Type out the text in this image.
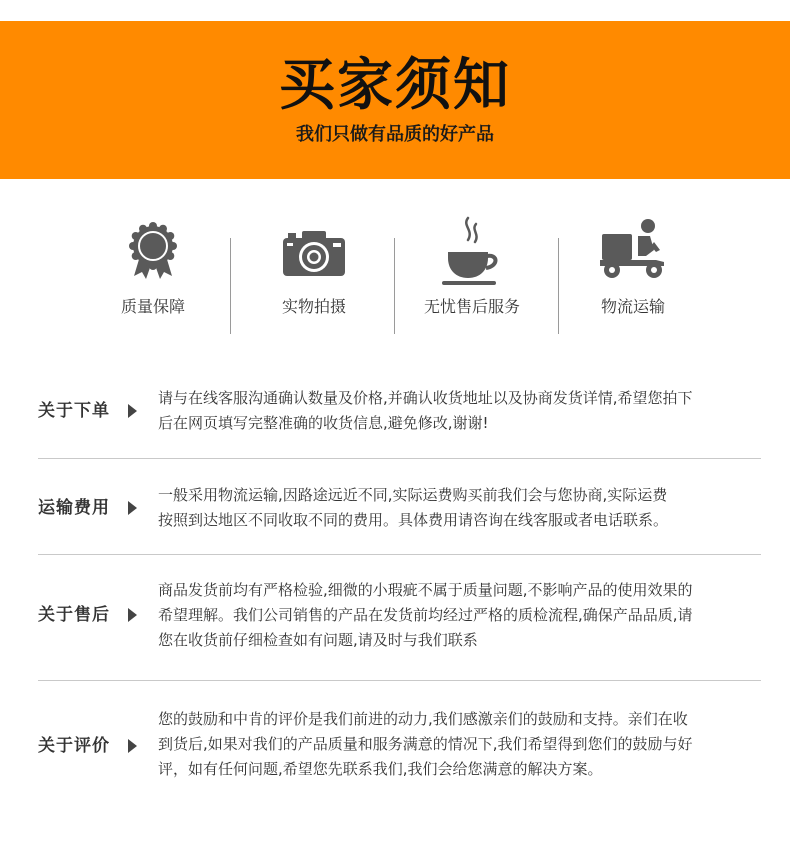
买家须知
我们只做有品质的好产品
质量保障	实物拍摄	无忧售后服务	物流运输
关于下单
请与在线客服沟通确认数量及价格,并确认收货地址以及协商发货详情,希望您拍下
后在网页填写完整准确的收货信息,避免修改,谢谢!
运输费用
一般采用物流运输,因路途远近不同,实际运费购买前我们会与您协商,实际运费
按照到达地区不同收取不同的费用。具体费用请咨询在线客服或者电话联系。
关于售后
商品发货前均有严格检验,细微的小瑕疵不属于质量问题,不影响产品的使用效果的
希望理解。我们公司销售的产品在发货前均经过严格的质检流程,确保产品品质,请
您在收货前仔细检查如有问题,请及时与我们联系
关于评价
您的鼓励和中肯的评价是我们前进的动力,我们感激亲们的鼓励和支持。亲们在收
到货后,如果对我们的产品质量和服务满意的情况下,我们希望得到您们的鼓励与好
评，如有任何问题,希望您先联系我们,我们会给您满意的解决方案。
